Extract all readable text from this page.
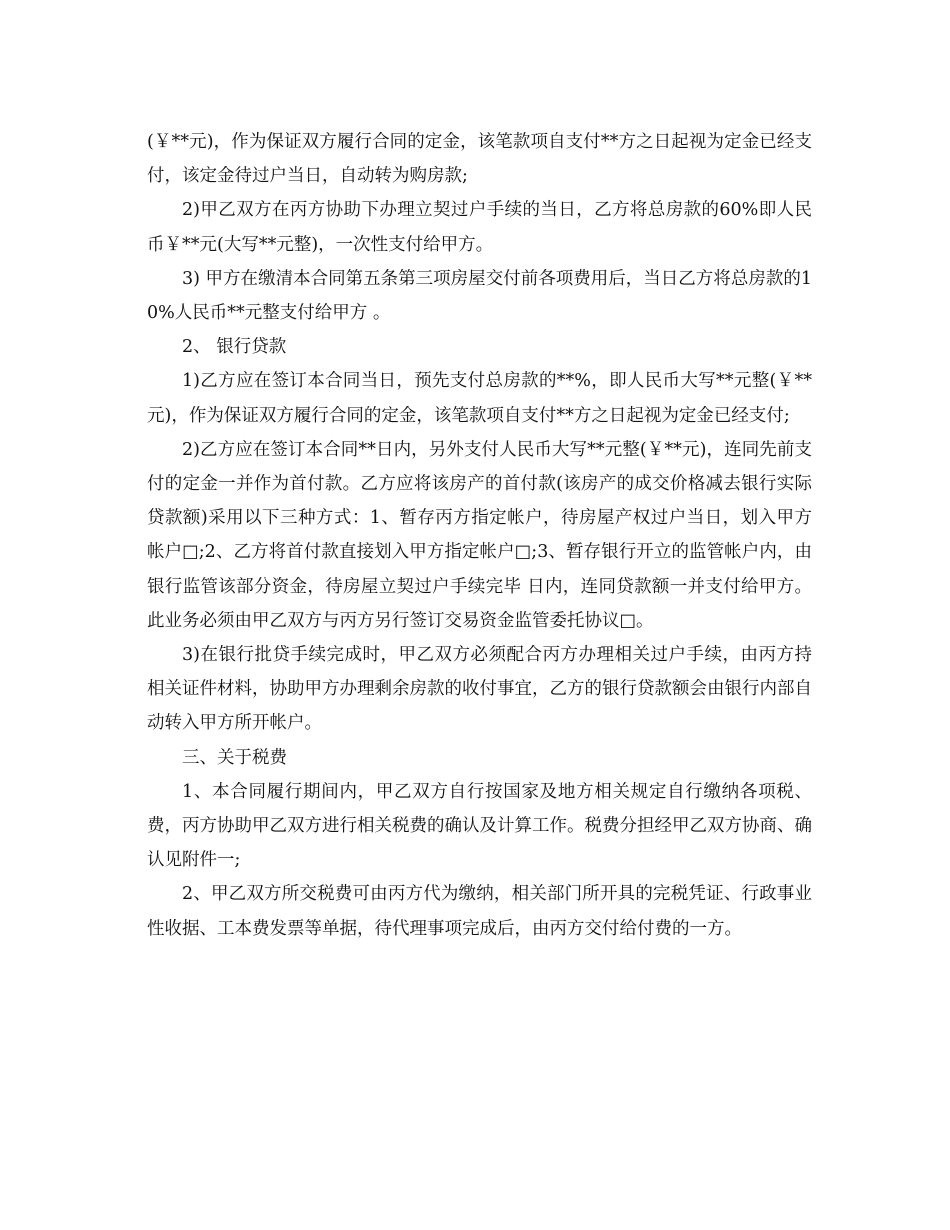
(￥**元)，作为保证双方履行合同的定金，该笔款项自支付**方之日起视为定金已经支付，该定金待过户当日，自动转为购房款;

2)甲乙双方在丙方协助下办理立契过户手续的当日，乙方将总房款的60%即人民币￥**元(大写**元整)，一次性支付给甲方。

3) 甲方在缴清本合同第五条第三项房屋交付前各项费用后，当日乙方将总房款的10%人民币**元整支付给甲方 。

2、 银行贷款

1)乙方应在签订本合同当日，预先支付总房款的**%，即人民币大写**元整(￥**元)，作为保证双方履行合同的定金，该笔款项自支付**方之日起视为定金已经支付;

2)乙方应在签订本合同**日内，另外支付人民币大写**元整(￥**元)，连同先前支付的定金一并作为首付款。乙方应将该房产的首付款(该房产的成交价格减去银行实际贷款额)采用以下三种方式：1、暂存丙方指定帐户，待房屋产权过户当日，划入甲方帐户□;2、乙方将首付款直接划入甲方指定帐户□;3、暂存银行开立的监管帐户内，由银行监管该部分资金，待房屋立契过户手续完毕 日内，连同贷款额一并支付给甲方。此业务必须由甲乙双方与丙方另行签订交易资金监管委托协议□。

3)在银行批贷手续完成时，甲乙双方必须配合丙方办理相关过户手续，由丙方持相关证件材料，协助甲方办理剩余房款的收付事宜，乙方的银行贷款额会由银行内部自动转入甲方所开帐户。

三、关于税费

1、本合同履行期间内，甲乙双方自行按国家及地方相关规定自行缴纳各项税、费，丙方协助甲乙双方进行相关税费的确认及计算工作。税费分担经甲乙双方协商、确认见附件一;

2、甲乙双方所交税费可由丙方代为缴纳，相关部门所开具的完税凭证、行政事业性收据、工本费发票等单据，待代理事项完成后，由丙方交付给付费的一方。
